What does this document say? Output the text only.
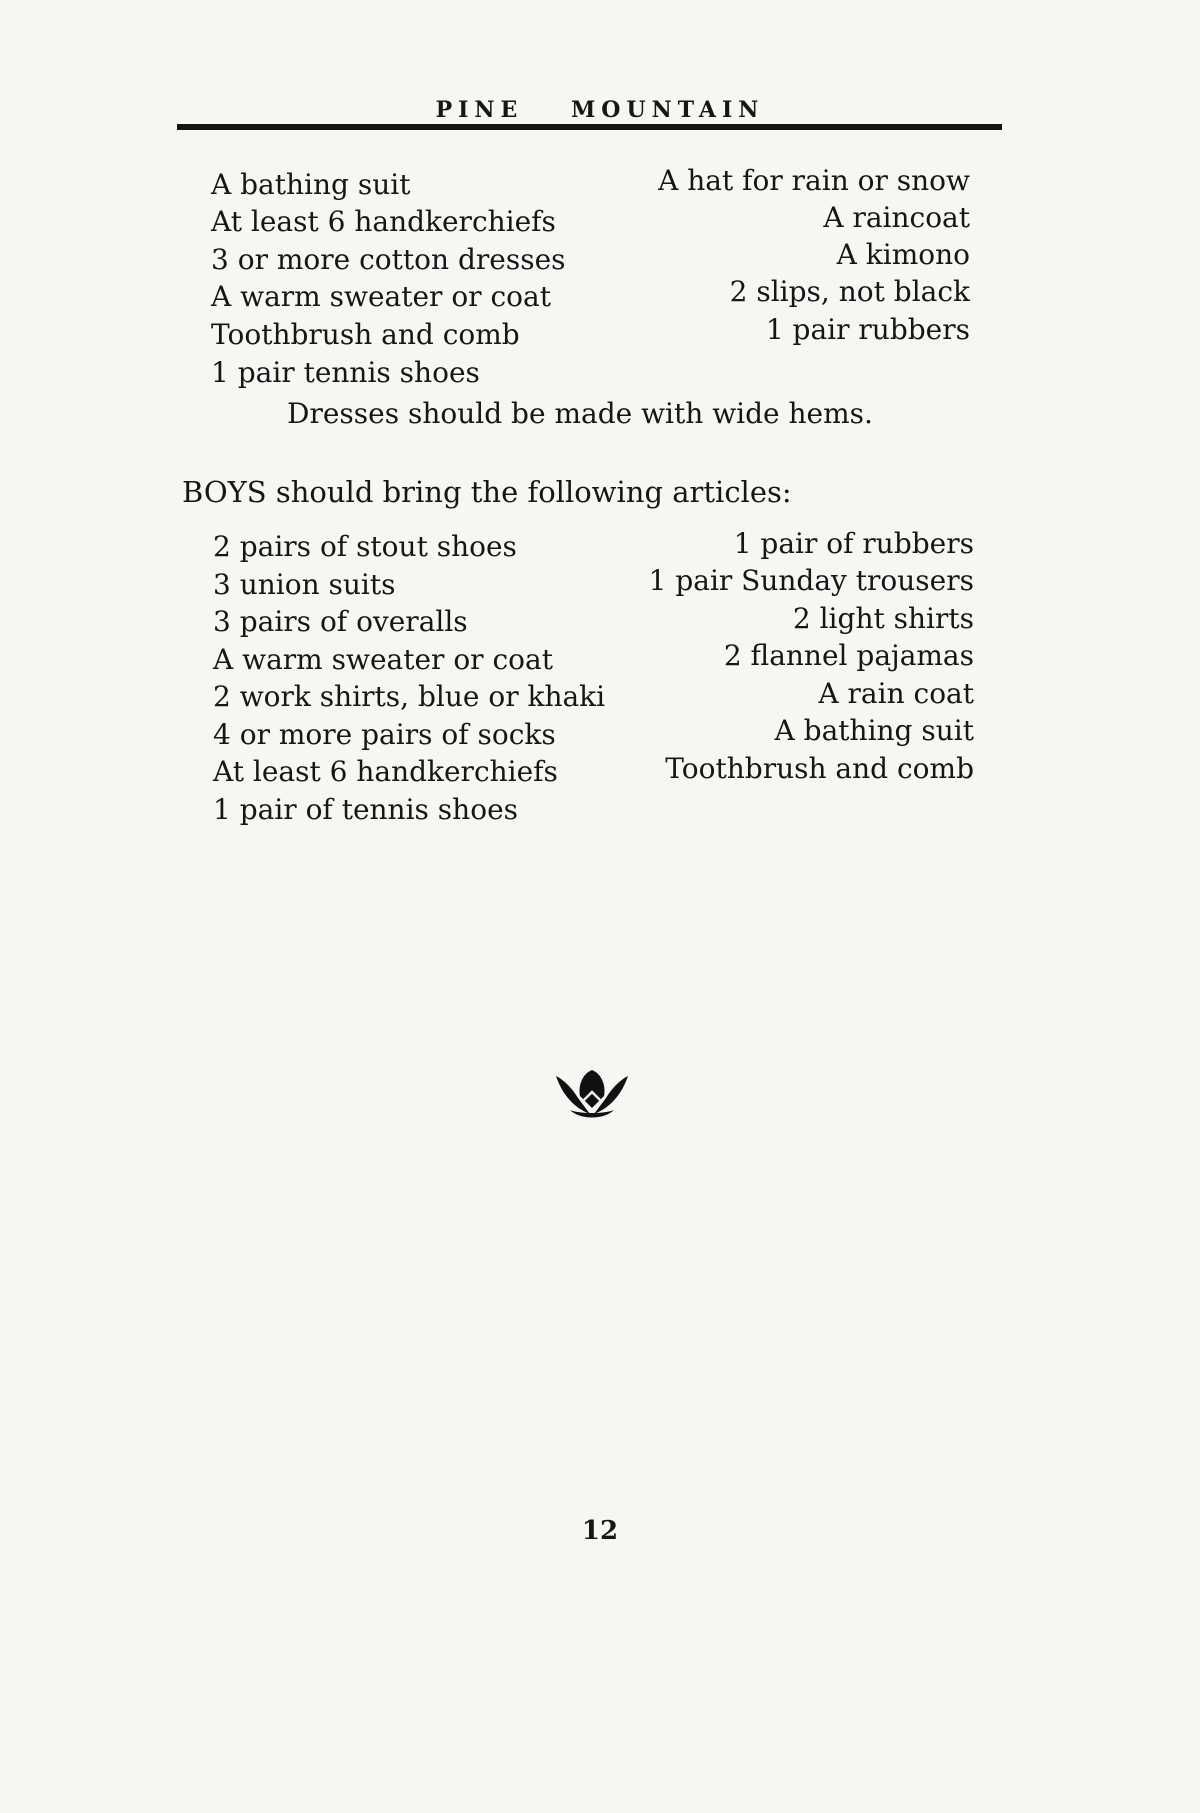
PINE MOUNTAIN
A bathing suit
At least 6 handkerchiefs
3 or more cotton dresses
A warm sweater or coat
Toothbrush and comb
1 pair tennis shoes
A hat for rain or snow
A raincoat
A kimono
2 slips, not black
1 pair rubbers
Dresses should be made with wide hems.
BOYS should bring the following articles:
2 pairs of stout shoes
3 union suits
3 pairs of overalls
A warm sweater or coat
2 work shirts, blue or khaki
4 or more pairs of socks
At least 6 handkerchiefs
1 pair of tennis shoes
1 pair of rubbers
1 pair Sunday trousers
2 light shirts
2 flannel pajamas
A rain coat
A bathing suit
Toothbrush and comb
12
